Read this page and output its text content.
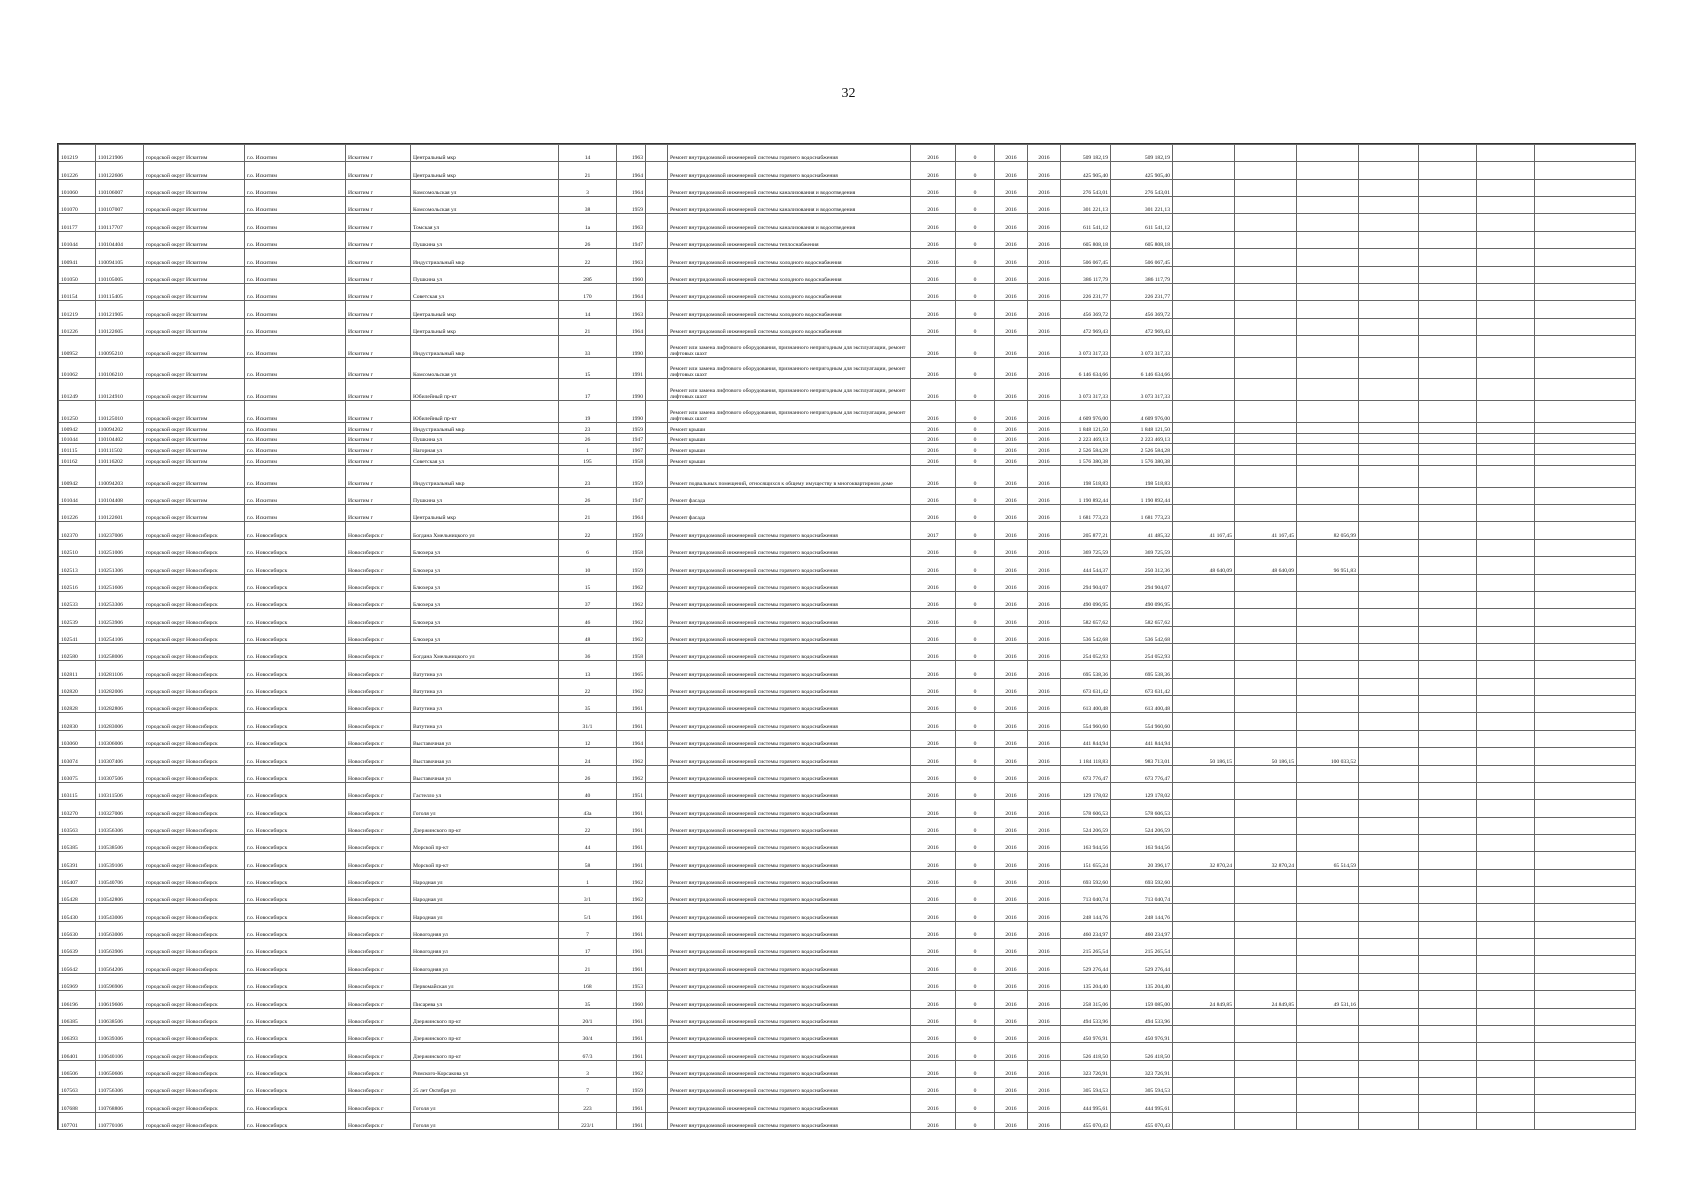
32
101219	110121906	городской округ Искитим	г.о. Искитим	Искитим г	Центральный мкр	14	1963		Ремонт внутридомовой инженерной системы горячего водоснабжения	2016	0	2016	2016	509 182,19	509 182,19							
101226	110122606	городской округ Искитим	г.о. Искитим	Искитим г	Центральный мкр	21	1964		Ремонт внутридомовой инженерной системы горячего водоснабжения	2016	0	2016	2016	425 905,40	425 905,40							
101060	110106007	городской округ Искитим	г.о. Искитим	Искитим г	Комсомольская ул	3	1964		Ремонт внутридомовой инженерной системы канализования и водоотведения	2016	0	2016	2016	276 543,01	276 543,01							
101070	110107007	городской округ Искитим	г.о. Искитим	Искитим г	Комсомольская ул	38	1959		Ремонт внутридомовой инженерной системы канализования и водоотведения	2016	0	2016	2016	301 221,13	301 221,13							
101177	110117707	городской округ Искитим	г.о. Искитим	Искитим г	Томская ул	1а	1963		Ремонт внутридомовой инженерной системы канализования и водоотведения	2016	0	2016	2016	611 541,12	611 541,12							
101044	110104404	городской округ Искитим	г.о. Искитим	Искитим г	Пушкина ул	26	1947		Ремонт внутридомовой инженерной системы теплоснабжения	2016	0	2016	2016	605 808,18	605 808,18							
100941	110094105	городской округ Искитим	г.о. Искитим	Искитим г	Индустриальный мкр	22	1963		Ремонт внутридомовой инженерной системы холодного водоснабжения	2016	0	2016	2016	506 067,45	506 067,45							
101050	110105005	городской округ Искитим	г.о. Искитим	Искитим г	Пушкина ул	28б	1960		Ремонт внутридомовой инженерной системы холодного водоснабжения	2016	0	2016	2016	386 117,79	386 117,79							
101154	110115405	городской округ Искитим	г.о. Искитим	Искитим г	Советская ул	170	1964		Ремонт внутридомовой инженерной системы холодного водоснабжения	2016	0	2016	2016	226 231,77	226 231,77							
101219	110121905	городской округ Искитим	г.о. Искитим	Искитим г	Центральный мкр	14	1963		Ремонт внутридомовой инженерной системы холодного водоснабжения	2016	0	2016	2016	456 369,72	456 369,72							
101226	110122605	городской округ Искитим	г.о. Искитим	Искитим г	Центральный мкр	21	1964		Ремонт внутридомовой инженерной системы холодного водоснабжения	2016	0	2016	2016	472 969,43	472 969,43							
100952	110095210	городской округ Искитим	г.о. Искитим	Искитим г	Индустриальный мкр	33	1990		Ремонт или замена лифтового оборудования, признанного непригодным для эксплуатации, ремонт лифтовых шахт	2016	0	2016	2016	3 073 317,33	3 073 317,33							
101062	110106210	городской округ Искитим	г.о. Искитим	Искитим г	Комсомольская ул	15	1991		Ремонт или замена лифтового оборудования, признанного непригодным для эксплуатации, ремонт лифтовых шахт	2016	0	2016	2016	6 146 634,66	6 146 634,66							
101249	110124910	городской округ Искитим	г.о. Искитим	Искитим г	Юбилейный пр-кт	17	1990		Ремонт или замена лифтового оборудования, признанного непригодным для эксплуатации, ремонт лифтовых шахт	2016	0	2016	2016	3 073 317,33	3 073 317,33							
101250	110125010	городской округ Искитим	г.о. Искитим	Искитим г	Юбилейный пр-кт	19	1990		Ремонт или замена лифтового оборудования, признанного непригодным для эксплуатации, ремонт лифтовых шахт	2016	0	2016	2016	4 609 976,00	4 609 976,00							
100942	110094202	городской округ Искитим	г.о. Искитим	Искитим г	Индустриальный мкр	23	1959		Ремонт крыши	2016	0	2016	2016	1 848 121,50	1 848 121,50							
101044	110104402	городской округ Искитим	г.о. Искитим	Искитим г	Пушкина ул	26	1947		Ремонт крыши	2016	0	2016	2016	2 223 469,13	2 223 469,13							
101115	110111502	городской округ Искитим	г.о. Искитим	Искитим г	Нагорная ул	1	1967		Ремонт крыши	2016	0	2016	2016	2 526 584,28	2 526 584,28							
101162	110116202	городской округ Искитим	г.о. Искитим	Искитим г	Советская ул	195	1958		Ремонт крыши	2016	0	2016	2016	1 576 380,38	1 576 380,38							
100942	110094203	городской округ Искитим	г.о. Искитим	Искитим г	Индустриальный мкр	23	1959		Ремонт подвальных помещений, относящихся к общему имуществу в многоквартирном доме	2016	0	2016	2016	198 518,83	198 518,83							
101044	110104408	городской округ Искитим	г.о. Искитим	Искитим г	Пушкина ул	26	1947		Ремонт фасада	2016	0	2016	2016	1 190 892,44	1 190 892,44							
101226	110122601	городской округ Искитим	г.о. Искитим	Искитим г	Центральный мкр	21	1964		Ремонт фасада	2016	0	2016	2016	1 681 773,23	1 681 773,23							
102370	110237006	городской округ Новосибирск	г.о. Новосибирск	Новосибирск г	Богдана Хмельницкого ул	22	1959		Ремонт внутридомовой инженерной системы горячего водоснабжения	2017	0	2016	2016	205 877,21	41 485,32	41 167,45	41 167,45	82 056,99				
102510	110251006	городской округ Новосибирск	г.о. Новосибирск	Новосибирск г	Блюхера ул	6	1958		Ремонт внутридомовой инженерной системы горячего водоснабжения	2016	0	2016	2016	369 725,59	369 725,59							
102513	110251306	городской округ Новосибирск	г.о. Новосибирск	Новосибирск г	Блюхера ул	10	1959		Ремонт внутридомовой инженерной системы горячего водоснабжения	2016	0	2016	2016	444 544,37	250 312,36	48 640,09	48 640,09	96 951,83				
102516	110251606	городской округ Новосибирск	г.о. Новосибирск	Новосибирск г	Блюхера ул	15	1962		Ремонт внутридомовой инженерной системы горячего водоснабжения	2016	0	2016	2016	294 904,07	294 904,07							
102533	110253306	городской округ Новосибирск	г.о. Новосибирск	Новосибирск г	Блюхера ул	37	1962		Ремонт внутридомовой инженерной системы горячего водоснабжения	2016	0	2016	2016	490 096,95	490 096,95							
102539	110253906	городской округ Новосибирск	г.о. Новосибирск	Новосибирск г	Блюхера ул	46	1962		Ремонт внутридомовой инженерной системы горячего водоснабжения	2016	0	2016	2016	582 657,62	582 657,62							
102541	110254106	городской округ Новосибирск	г.о. Новосибирск	Новосибирск г	Блюхера ул	48	1962		Ремонт внутридомовой инженерной системы горячего водоснабжения	2016	0	2016	2016	536 542,68	536 542,68							
102580	110258006	городской округ Новосибирск	г.о. Новосибирск	Новосибирск г	Богдана Хмельницкого ул	36	1958		Ремонт внутридомовой инженерной системы горячего водоснабжения	2016	0	2016	2016	254 052,93	254 052,93							
102811	110281106	городской округ Новосибирск	г.о. Новосибирск	Новосибирск г	Ватутина ул	13	1965		Ремонт внутридомовой инженерной системы горячего водоснабжения	2016	0	2016	2016	695 538,36	695 538,36							
102820	110282006	городской округ Новосибирск	г.о. Новосибирск	Новосибирск г	Ватутина ул	22	1962		Ремонт внутридомовой инженерной системы горячего водоснабжения	2016	0	2016	2016	673 631,42	673 631,42							
102828	110282806	городской округ Новосибирск	г.о. Новосибирск	Новосибирск г	Ватутина ул	35	1961		Ремонт внутридомовой инженерной системы горячего водоснабжения	2016	0	2016	2016	613 400,48	613 400,48							
102830	110283006	городской округ Новосибирск	г.о. Новосибирск	Новосибирск г	Ватутина ул	31/1	1961		Ремонт внутридомовой инженерной системы горячего водоснабжения	2016	0	2016	2016	554 960,60	554 960,60							
103060	110306006	городской округ Новосибирск	г.о. Новосибирск	Новосибирск г	Выставочная ул	12	1964		Ремонт внутридомовой инженерной системы горячего водоснабжения	2016	0	2016	2016	441 844,94	441 844,94							
103074	110307406	городской округ Новосибирск	г.о. Новосибирск	Новосибирск г	Выставочная ул	24	1962		Ремонт внутридомовой инженерной системы горячего водоснабжения	2016	0	2016	2016	1 184 118,83	983 713,01	50 186,15	50 186,15	100 033,52				
103075	110307506	городской округ Новосибирск	г.о. Новосибирск	Новосибирск г	Выставочная ул	26	1962		Ремонт внутридомовой инженерной системы горячего водоснабжения	2016	0	2016	2016	673 776,47	673 776,47							
103115	110311506	городской округ Новосибирск	г.о. Новосибирск	Новосибирск г	Гастелло ул	40	1951		Ремонт внутридомовой инженерной системы горячего водоснабжения	2016	0	2016	2016	129 178,02	129 178,02							
103270	110327006	городской округ Новосибирск	г.о. Новосибирск	Новосибирск г	Гоголя ул	43а	1961		Ремонт внутридомовой инженерной системы горячего водоснабжения	2016	0	2016	2016	578 606,53	578 606,53							
103563	110356306	городской округ Новосибирск	г.о. Новосибирск	Новосибирск г	Дзержинского пр-кт	22	1961		Ремонт внутридомовой инженерной системы горячего водоснабжения	2016	0	2016	2016	524 206,59	524 206,59							
105385	110538506	городской округ Новосибирск	г.о. Новосибирск	Новосибирск г	Морской пр-кт	44	1961		Ремонт внутридомовой инженерной системы горячего водоснабжения	2016	0	2016	2016	163 944,56	163 944,56							
105391	110539106	городской округ Новосибирск	г.о. Новосибирск	Новосибирск г	Морской пр-кт	58	1961		Ремонт внутридомовой инженерной системы горячего водоснабжения	2016	0	2016	2016	151 655,24	20 396,17	32 870,24	32 870,24	65 514,59				
105407	110540706	городской округ Новосибирск	г.о. Новосибирск	Новосибирск г	Народная ул	1	1962		Ремонт внутридомовой инженерной системы горячего водоснабжения	2016	0	2016	2016	693 592,60	693 592,60							
105428	110542806	городской округ Новосибирск	г.о. Новосибирск	Новосибирск г	Народная ул	3/1	1962		Ремонт внутридомовой инженерной системы горячего водоснабжения	2016	0	2016	2016	713 040,74	713 040,74							
105430	110543006	городской округ Новосибирск	г.о. Новосибирск	Новосибирск г	Народная ул	5/1	1961		Ремонт внутридомовой инженерной системы горячего водоснабжения	2016	0	2016	2016	248 144,76	248 144,76							
105630	110563006	городской округ Новосибирск	г.о. Новосибирск	Новосибирск г	Новогодняя ул	7	1961		Ремонт внутридомовой инженерной системы горячего водоснабжения	2016	0	2016	2016	460 234,97	460 234,97							
105639	110563906	городской округ Новосибирск	г.о. Новосибирск	Новосибирск г	Новогодняя ул	17	1961		Ремонт внутридомовой инженерной системы горячего водоснабжения	2016	0	2016	2016	215 265,54	215 265,54							
105642	110564206	городской округ Новосибирск	г.о. Новосибирск	Новосибирск г	Новогодняя ул	21	1961		Ремонт внутридомовой инженерной системы горячего водоснабжения	2016	0	2016	2016	529 276,44	529 276,44							
105969	110596906	городской округ Новосибирск	г.о. Новосибирск	Новосибирск г	Первомайская ул	168	1953		Ремонт внутридомовой инженерной системы горячего водоснабжения	2016	0	2016	2016	135 204,40	135 204,40							
106196	110619606	городской округ Новосибирск	г.о. Новосибирск	Новосибирск г	Писарева ул	35	1960		Ремонт внутридомовой инженерной системы горячего водоснабжения	2016	0	2016	2016	258 315,06	159 085,00	24 849,85	24 849,85	49 531,16				
106385	110638506	городской округ Новосибирск	г.о. Новосибирск	Новосибирск г	Дзержинского пр-кт	20/1	1961		Ремонт внутридомовой инженерной системы горячего водоснабжения	2016	0	2016	2016	494 533,96	494 533,96							
106393	110639306	городской округ Новосибирск	г.о. Новосибирск	Новосибирск г	Дзержинского пр-кт	30/4	1961		Ремонт внутридомовой инженерной системы горячего водоснабжения	2016	0	2016	2016	450 976,91	450 976,91							
106401	110640106	городской округ Новосибирск	г.о. Новосибирск	Новосибирск г	Дзержинского пр-кт	67/3	1961		Ремонт внутридомовой инженерной системы горячего водоснабжения	2016	0	2016	2016	526 418,50	526 418,50							
106506	110650606	городской округ Новосибирск	г.о. Новосибирск	Новосибирск г	Римского-Корсакова ул	3	1962		Ремонт внутридомовой инженерной системы горячего водоснабжения	2016	0	2016	2016	323 726,91	323 726,91							
107563	110756306	городской округ Новосибирск	г.о. Новосибирск	Новосибирск г	25 лет Октября ул	7	1959		Ремонт внутридомовой инженерной системы горячего водоснабжения	2016	0	2016	2016	305 594,53	305 594,53							
107688	110768806	городской округ Новосибирск	г.о. Новосибирск	Новосибирск г	Гоголя ул	223	1961		Ремонт внутридомовой инженерной системы горячего водоснабжения	2016	0	2016	2016	444 995,61	444 995,61							
107701	110770106	городской округ Новосибирск	г.о. Новосибирск	Новосибирск г	Гоголя ул	223/1	1961		Ремонт внутридомовой инженерной системы горячего водоснабжения	2016	0	2016	2016	455 070,43	455 070,43							
